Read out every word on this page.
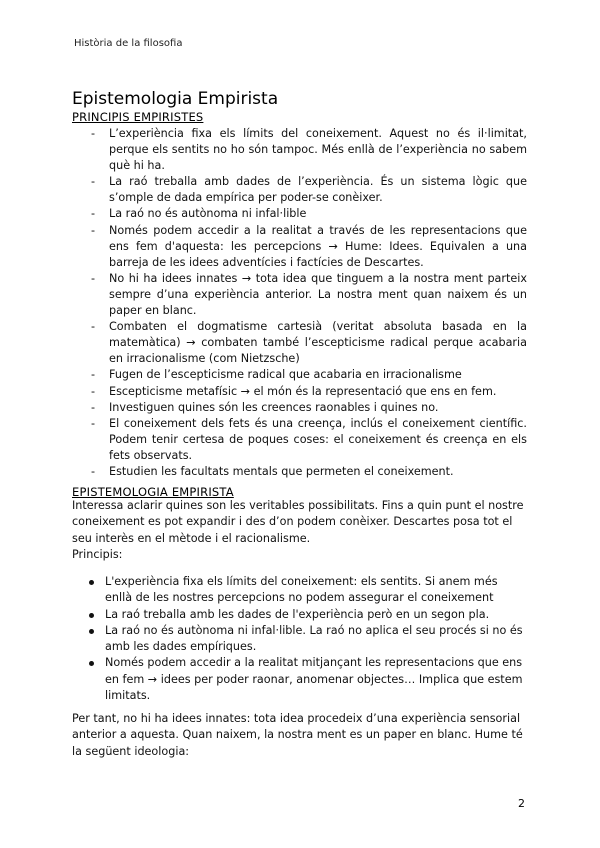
Història de la filosofia
Epistemologia Empirista
PRINCIPIS EMPIRISTES
- L’experiència fixa els límits del coneixement. Aquest no és il·limitat, perque els sentits no ho són tampoc. Més enllà de l’experiència no sabem què hi ha.
- La raó treballa amb dades de l’experiència. És un sistema lògic que s’omple de dada empírica per poder-se conèixer.
- La raó no és autònoma ni infal·lible
- Només podem accedir a la realitat a través de les representacions que ens fem d'aquesta: les percepcions → Hume: Idees. Equivalen a una barreja de les idees adventícies i factícies de Descartes.
- No hi ha idees innates → tota idea que tinguem a la nostra ment parteix sempre d’una experiència anterior. La nostra ment quan naixem és un paper en blanc.
- Combaten el dogmatisme cartesià (veritat absoluta basada en la matemàtica) → combaten també l’escepticisme radical perque acabaria en irracionalisme (com Nietzsche)
- Fugen de l’escepticisme radical que acabaria en irracionalisme
- Escepticisme metafísic → el món és la representació que ens en fem.
- Investiguen quines són les creences raonables i quines no.
- El coneixement dels fets és una creença, inclús el coneixement científic. Podem tenir certesa de poques coses: el coneixement és creença en els fets observats.
- Estudien les facultats mentals que permeten el coneixement.
EPISTEMOLOGIA EMPIRISTA

Interessa aclarir quines son les veritables possibilitats. Fins a quin punt el nostre coneixement es pot expandir i des d’on podem conèixer. Descartes posa tot el seu interès en el mètode i el racionalisme.

Principis:

L'experiència fixa els límits del coneixement: els sentits. Si anem més enllà de les nostres percepcions no podem assegurar el coneixement
La raó treballa amb les dades de l'experiència però en un segon pla.
La raó no és autònoma ni infal·lible. La raó no aplica el seu procés si no és amb les dades empíriques.
Només podem accedir a la realitat mitjançant les representacions que ens en fem → idees per poder raonar, anomenar objectes… Implica que estem limitats.

Per tant, no hi ha idees innates: tota idea procedeix d’una experiència sensorial anterior a aquesta. Quan naixem, la nostra ment es un paper en blanc. Hume té la següent ideologia:

2
